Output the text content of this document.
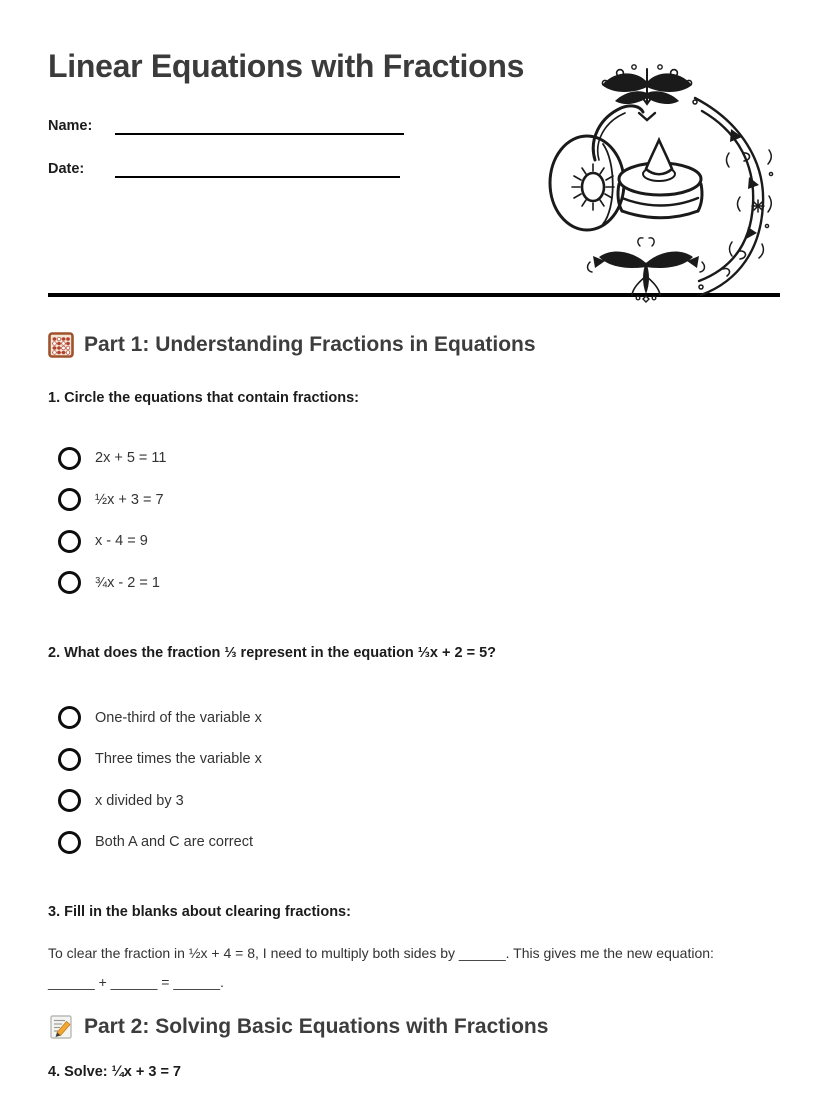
Linear Equations with Fractions
Name:
Date:
Part 1: Understanding Fractions in Equations
1. Circle the equations that contain fractions:
2x + 5 = 11
½x + 3 = 7
x - 4 = 9
¾x - 2 = 1
2. What does the fraction ⅓ represent in the equation ⅓x + 2 = 5?
One-third of the variable x
Three times the variable x
x divided by 3
Both A and C are correct
3. Fill in the blanks about clearing fractions:
To clear the fraction in ½x + 4 = 8, I need to multiply both sides by ______. This gives me the new equation:
______ + ______ = ______.
Part 2: Solving Basic Equations with Fractions
4. Solve: ¼x + 3 = 7
